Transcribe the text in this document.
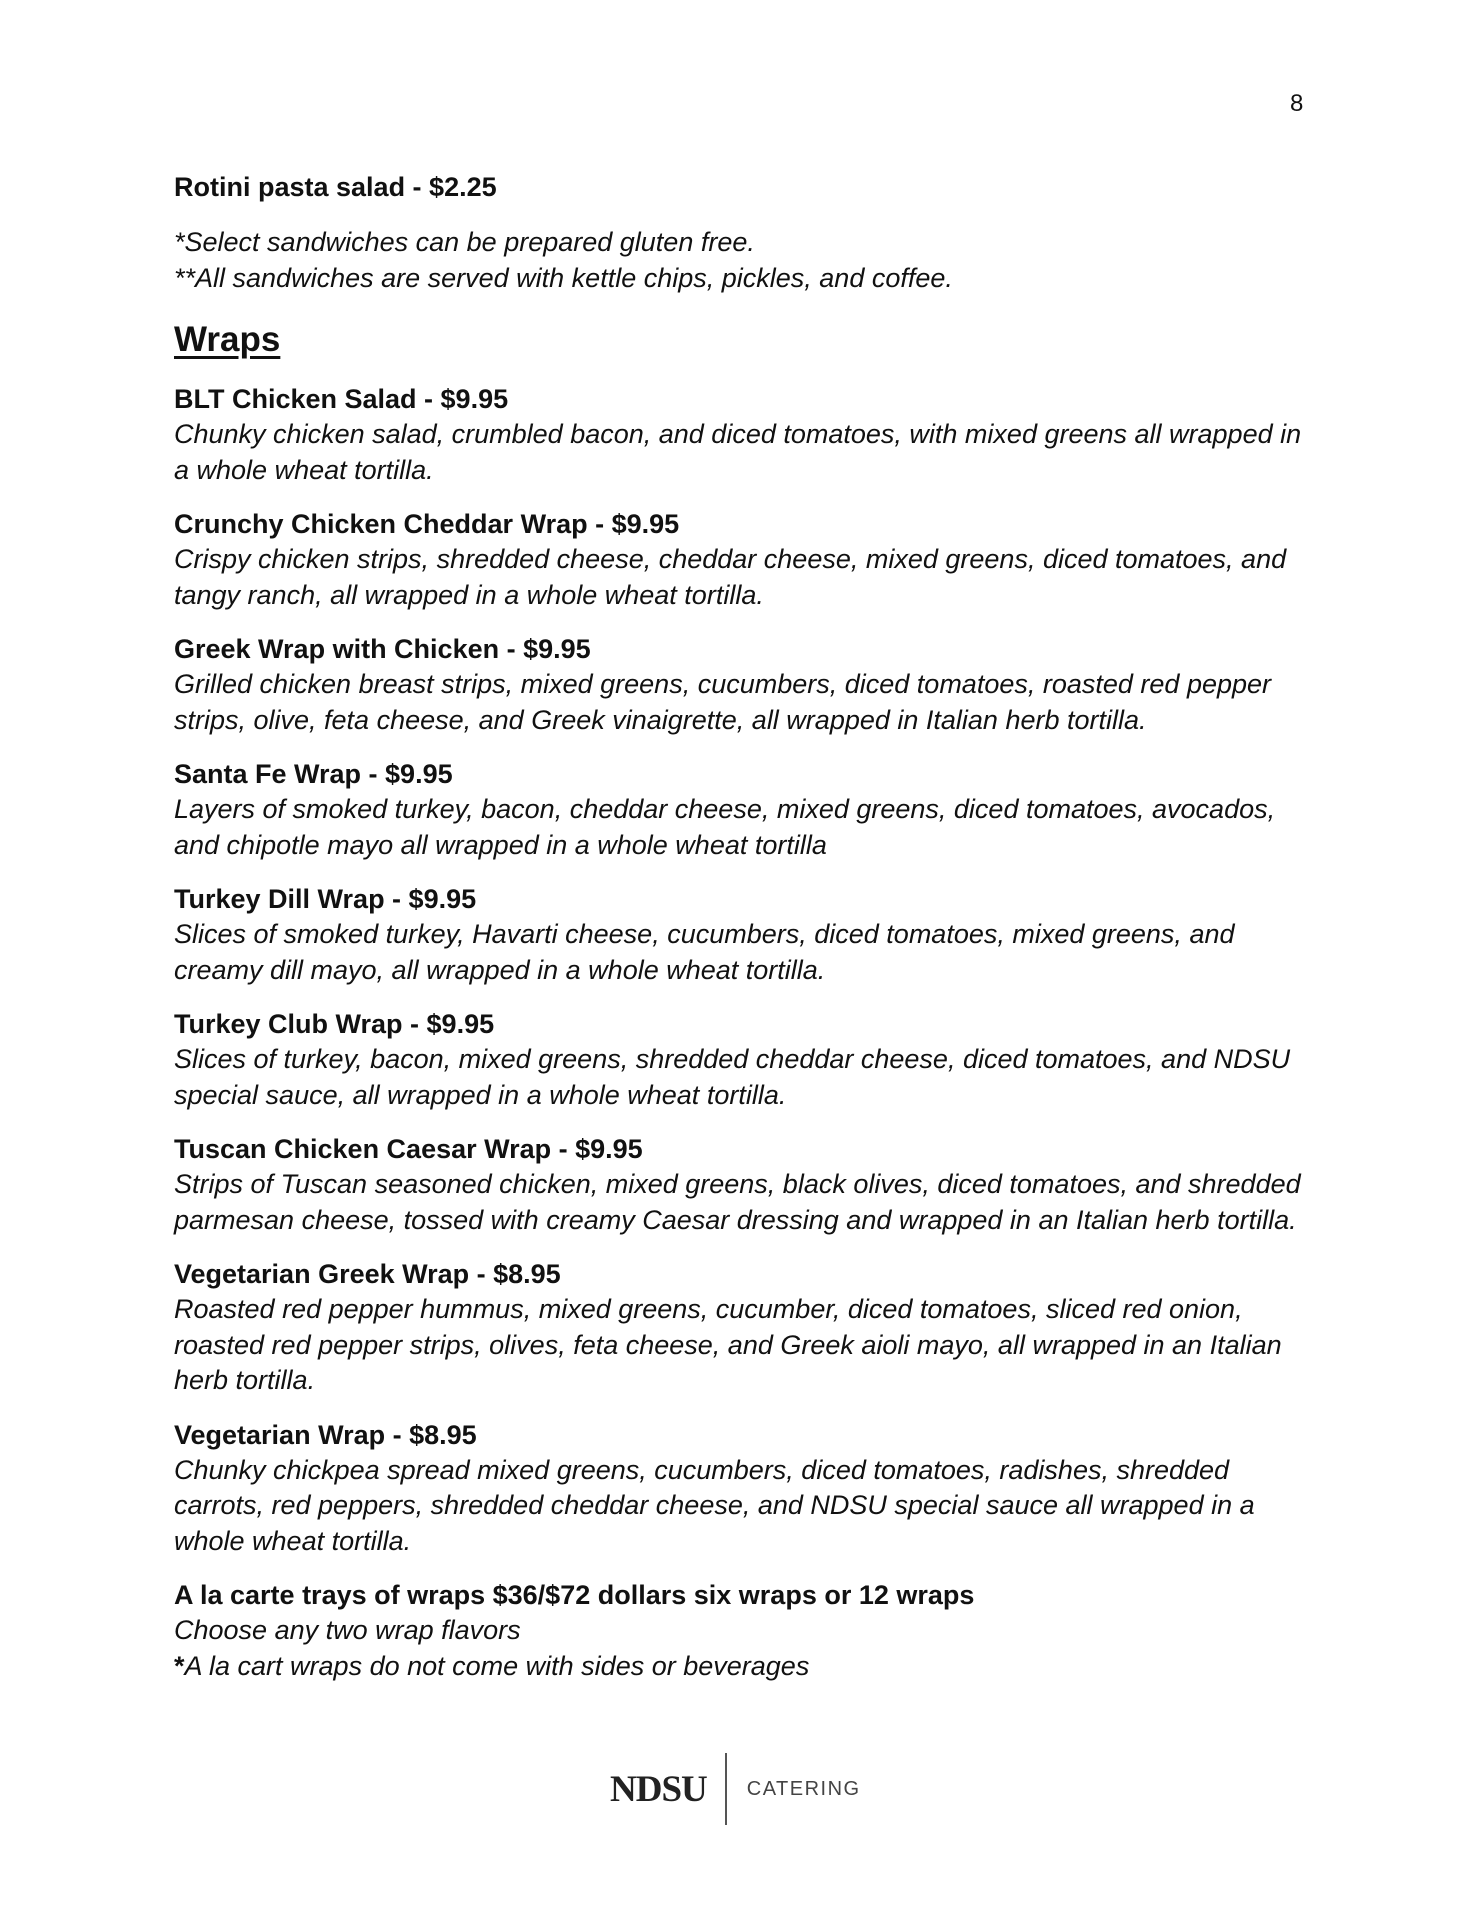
8

Rotini pasta salad - $2.25

*Select sandwiches can be prepared gluten free.

**All sandwiches are served with kettle chips, pickles, and coffee.

Wraps

BLT Chicken Salad - $9.95

Chunky chicken salad, crumbled bacon, and diced tomatoes, with mixed greens all wrapped in a whole wheat tortilla.

Crunchy Chicken Cheddar Wrap - $9.95

Crispy chicken strips, shredded cheese, cheddar cheese, mixed greens, diced tomatoes, and tangy ranch, all wrapped in a whole wheat tortilla.

Greek Wrap with Chicken - $9.95

Grilled chicken breast strips, mixed greens, cucumbers, diced tomatoes, roasted red pepper strips, olive, feta cheese, and Greek vinaigrette, all wrapped in Italian herb tortilla.

Santa Fe Wrap - $9.95

Layers of smoked turkey, bacon, cheddar cheese, mixed greens, diced tomatoes, avocados, and chipotle mayo all wrapped in a whole wheat tortilla

Turkey Dill Wrap - $9.95

Slices of smoked turkey, Havarti cheese, cucumbers, diced tomatoes, mixed greens, and creamy dill mayo, all wrapped in a whole wheat tortilla.

Turkey Club Wrap - $9.95

Slices of turkey, bacon, mixed greens, shredded cheddar cheese, diced tomatoes, and NDSU special sauce, all wrapped in a whole wheat tortilla.

Tuscan Chicken Caesar Wrap - $9.95

Strips of Tuscan seasoned chicken, mixed greens, black olives, diced tomatoes, and shredded parmesan cheese, tossed with creamy Caesar dressing and wrapped in an Italian herb tortilla.

Vegetarian Greek Wrap - $8.95

Roasted red pepper hummus, mixed greens, cucumber, diced tomatoes, sliced red onion, roasted red pepper strips, olives, feta cheese, and Greek aioli mayo, all wrapped in an Italian herb tortilla.

Vegetarian Wrap - $8.95

Chunky chickpea spread mixed greens, cucumbers, diced tomatoes, radishes, shredded carrots, red peppers, shredded cheddar cheese, and NDSU special sauce all wrapped in a whole wheat tortilla.

A la carte trays of wraps $36/$72 dollars six wraps or 12 wraps

Choose any two wrap flavors

*A la cart wraps do not come with sides or beverages

NDSU CATERING
